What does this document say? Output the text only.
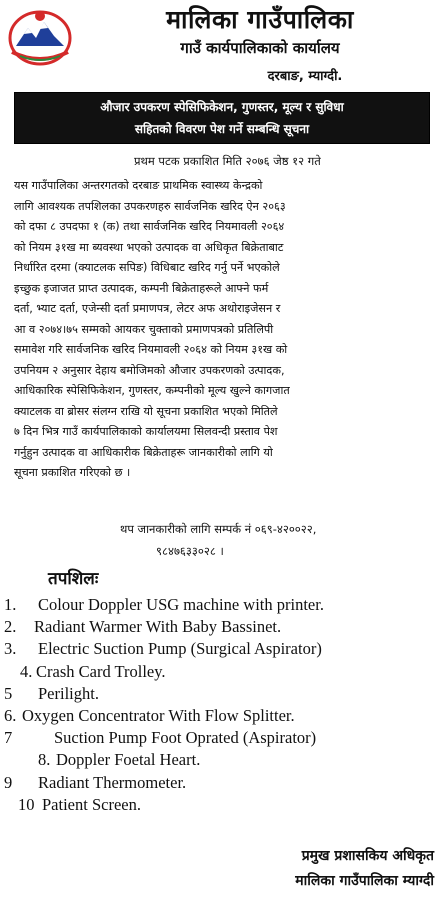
मालिका गाउँपालिका
गाउँ कार्यपालिकाको कार्यालय
दरबाङ, म्याग्दी.
औजार उपकरण स्पेसिफिकेशन, गुणस्तर, मूल्य र सुविधा
सहितको विवरण पेश गर्ने सम्बन्धि सूचना
प्रथम पटक प्रकाशित मिति २०७६ जेष्ठ १२ गते
यस गाउँपालिका अन्तरगतको दरबाङ प्राथमिक स्वास्थ्य केन्द्रको
लागि आवश्यक तपशिलका उपकरणहरु सार्वजनिक खरिद ऐन २०६३
को दफा ८ उपदफा १ (क) तथा सार्वजनिक खरिद नियमावली २०६४
को नियम ३१ख मा ब्यवस्था भएको उत्पादक वा अधिकृत बिक्रेताबाट
निर्धारित दरमा (क्याटलक सपिङ) विधिबाट खरिद गर्नु पर्ने भएकोले
इच्छुक इजाजत प्राप्त उत्पादक, कम्पनी बिक्रेताहरूले आफ्ने फर्म
दर्ता, भ्याट दर्ता, एजेन्सी दर्ता प्रमाणपत्र, लेटर अफ अथोराइजेसन र
आ व २०७४।७५ सम्मको आयकर चुक्ताको प्रमाणपत्रको प्रतिलिपी
समावेश गरि सार्वजनिक खरिद नियमावली २०६४ को नियम ३१ख को
उपनियम २ अनुसार देहाय बमोजिमको औजार उपकरणको उत्पादक,
आधिकारिक स्पेसिफिकेशन, गुणस्तर, कम्पनीको मूल्य खुल्ने कागजात
क्याटलक वा ब्रोसर संलग्न राखि यो सूचना प्रकाशित भएको मितिले
७ दिन भित्र गाउँ कार्यपालिकाको कार्यालयमा सिलवन्दी प्रस्ताव पेश
गर्नुहुन उत्पादक वा आधिकारीक बिक्रेताहरू जानकारीको लागि यो
सूचना प्रकाशित गरिएको छ ।
थप जानकारीको लागि सम्पर्क नं ०६९-४२००२२,
९८४७६३३०२८ ।
तपशिलः
1. Colour Doppler USG machine with printer.
2. Radiant Warmer With Baby Bassinet.
3. Electric Suction Pump (Surgical Aspirator)
4. Crash Card Trolley.
5 Perilight.
6. Oxygen Concentrator With Flow Splitter.
7	Suction Pump Foot Oprated (Aspirator)
8. Doppler Foetal Heart.
9 Radiant Thermometer.
10 Patient Screen.
प्रमुख प्रशासकिय अधिकृत
मालिका गाउँपालिका म्याग्दी
